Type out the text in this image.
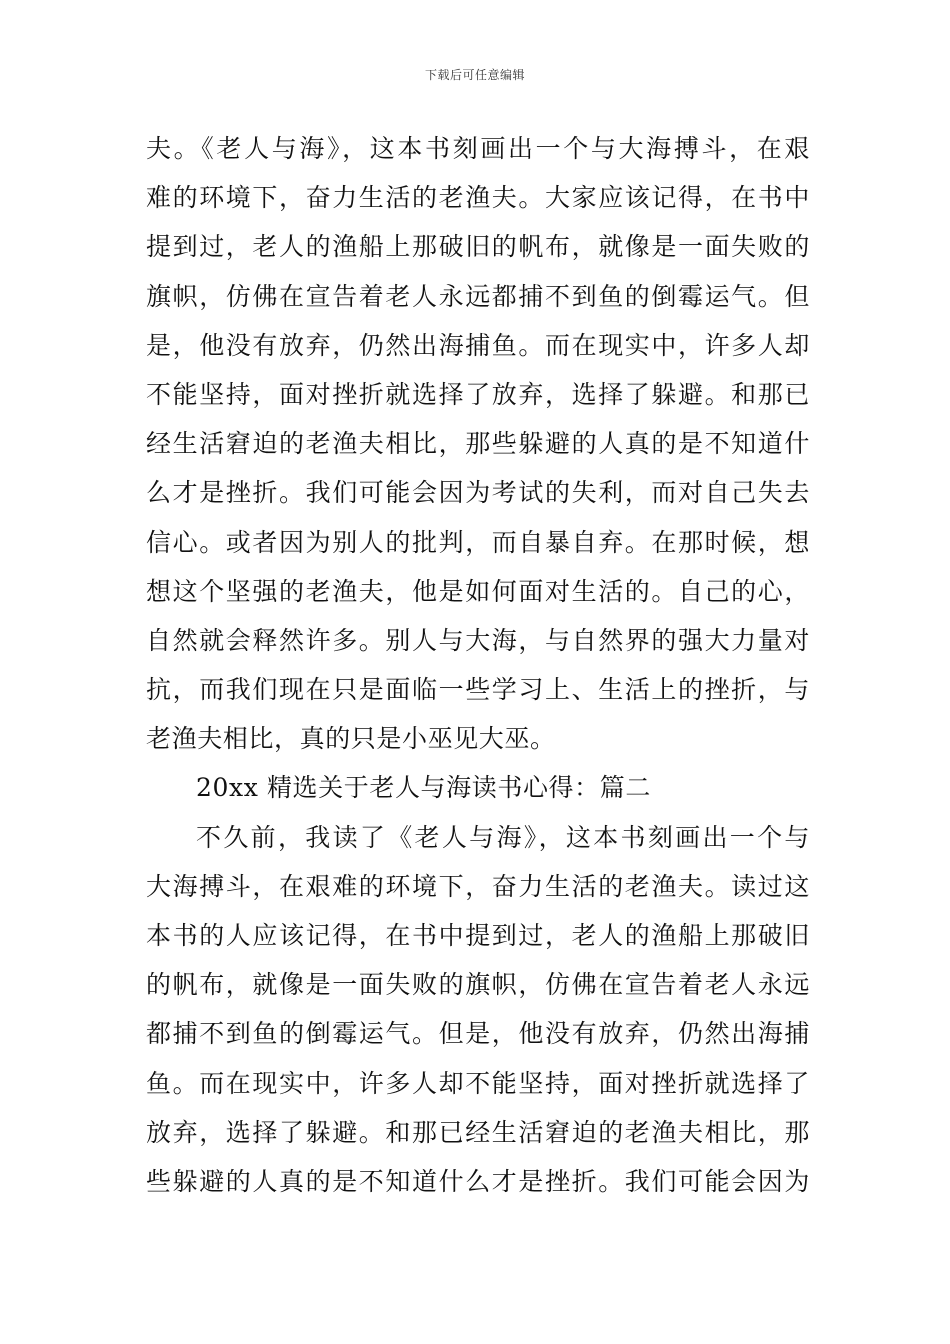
下载后可任意编辑
夫。《老人与海》，这本书刻画出一个与大海搏斗，在艰
难的环境下，奋力生活的老渔夫。大家应该记得，在书中
提到过，老人的渔船上那破旧的帆布，就像是一面失败的
旗帜，仿佛在宣告着老人永远都捕不到鱼的倒霉运气。但
是，他没有放弃，仍然出海捕鱼。而在现实中，许多人却
不能坚持，面对挫折就选择了放弃，选择了躲避。和那已
经生活窘迫的老渔夫相比，那些躲避的人真的是不知道什
么才是挫折。我们可能会因为考试的失利，而对自己失去
信心。或者因为别人的批判，而自暴自弃。在那时候，想
想这个坚强的老渔夫，他是如何面对生活的。自己的心，
自然就会释然许多。别人与大海，与自然界的强大力量对
抗，而我们现在只是面临一些学习上、生活上的挫折，与
老渔夫相比，真的只是小巫见大巫。
20xx 精选关于老人与海读书心得：篇二
不久前，我读了《老人与海》，这本书刻画出一个与
大海搏斗，在艰难的环境下，奋力生活的老渔夫。读过这
本书的人应该记得，在书中提到过，老人的渔船上那破旧
的帆布，就像是一面失败的旗帜，仿佛在宣告着老人永远
都捕不到鱼的倒霉运气。但是，他没有放弃，仍然出海捕
鱼。而在现实中，许多人却不能坚持，面对挫折就选择了
放弃，选择了躲避。和那已经生活窘迫的老渔夫相比，那
些躲避的人真的是不知道什么才是挫折。我们可能会因为
